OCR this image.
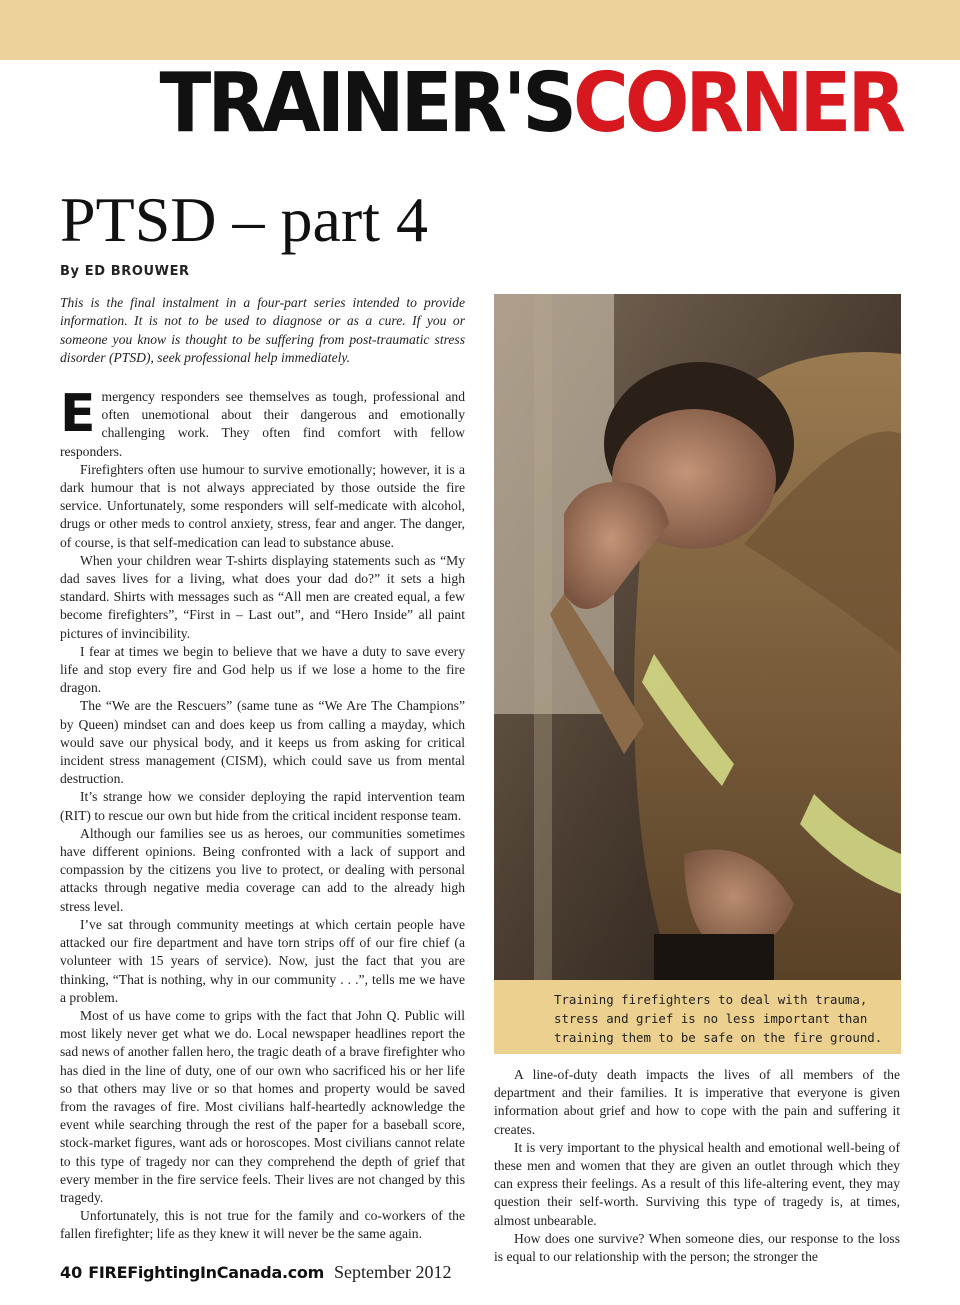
TRAINER'SCORNER
PTSD – part 4
By ED BROUWER

This is the final instalment in a four-part series intended to provide information. It is not to be used to diagnose or as a cure. If you or someone you know is thought to be suffering from post-traumatic stress disorder (PTSD), seek professional help immediately.

Emergency responders see themselves as tough, professional and often unemotional about their dangerous and emotionally challenging work. They often find comfort with fellow responders.

Firefighters often use humour to survive emotionally; however, it is a dark humour that is not always appreciated by those outside the fire service. Unfortunately, some responders will self-medicate with alcohol, drugs or other meds to control anxiety, stress, fear and anger. The danger, of course, is that self-medication can lead to substance abuse.

When your children wear T-shirts displaying statements such as “My dad saves lives for a living, what does your dad do?” it sets a high standard. Shirts with messages such as “All men are created equal, a few become firefighters”, “First in – Last out”, and “Hero Inside” all paint pictures of invincibility.

I fear at times we begin to believe that we have a duty to save every life and stop every fire and God help us if we lose a home to the fire dragon.

The “We are the Rescuers” (same tune as “We Are The Champions” by Queen) mindset can and does keep us from calling a mayday, which would save our physical body, and it keeps us from asking for critical incident stress management (CISM), which could save us from mental destruction.

It’s strange how we consider deploying the rapid intervention team (RIT) to rescue our own but hide from the critical incident response team.

Although our families see us as heroes, our communities sometimes have different opinions. Being confronted with a lack of support and compassion by the citizens you live to protect, or dealing with personal attacks through negative media coverage can add to the already high stress level.

I’ve sat through community meetings at which certain people have attacked our fire department and have torn strips off of our fire chief (a volunteer with 15 years of service). Now, just the fact that you are thinking, “That is nothing, why in our community . . .”, tells me we have a problem.

Most of us have come to grips with the fact that John Q. Public will most likely never get what we do. Local newspaper headlines report the sad news of another fallen hero, the tragic death of a brave firefighter who has died in the line of duty, one of our own who sacrificed his or her life so that others may live or so that homes and property would be saved from the ravages of fire. Most civilians half-heartedly acknowledge the event while searching through the rest of the paper for a baseball score, stock-market figures, want ads or horoscopes. Most civilians cannot relate to this type of tragedy nor can they comprehend the depth of grief that every member in the fire service feels. Their lives are not changed by this tragedy.

Unfortunately, this is not true for the family and co-workers of the fallen firefighter; life as they knew it will never be the same again.

Training firefighters to deal with trauma, stress and grief is no less important than training them to be safe on the fire ground.

A line-of-duty death impacts the lives of all members of the department and their families. It is imperative that everyone is given information about grief and how to cope with the pain and suffering it creates.

It is very important to the physical health and emotional well-being of these men and women that they are given an outlet through which they can express their feelings. As a result of this life-altering event, they may question their self-worth. Surviving this type of tragedy is, at times, almost unbearable.

How does one survive? When someone dies, our response to the loss is equal to our relationship with the person; the stronger the

40 FIREFightingInCanada.com September 2012
